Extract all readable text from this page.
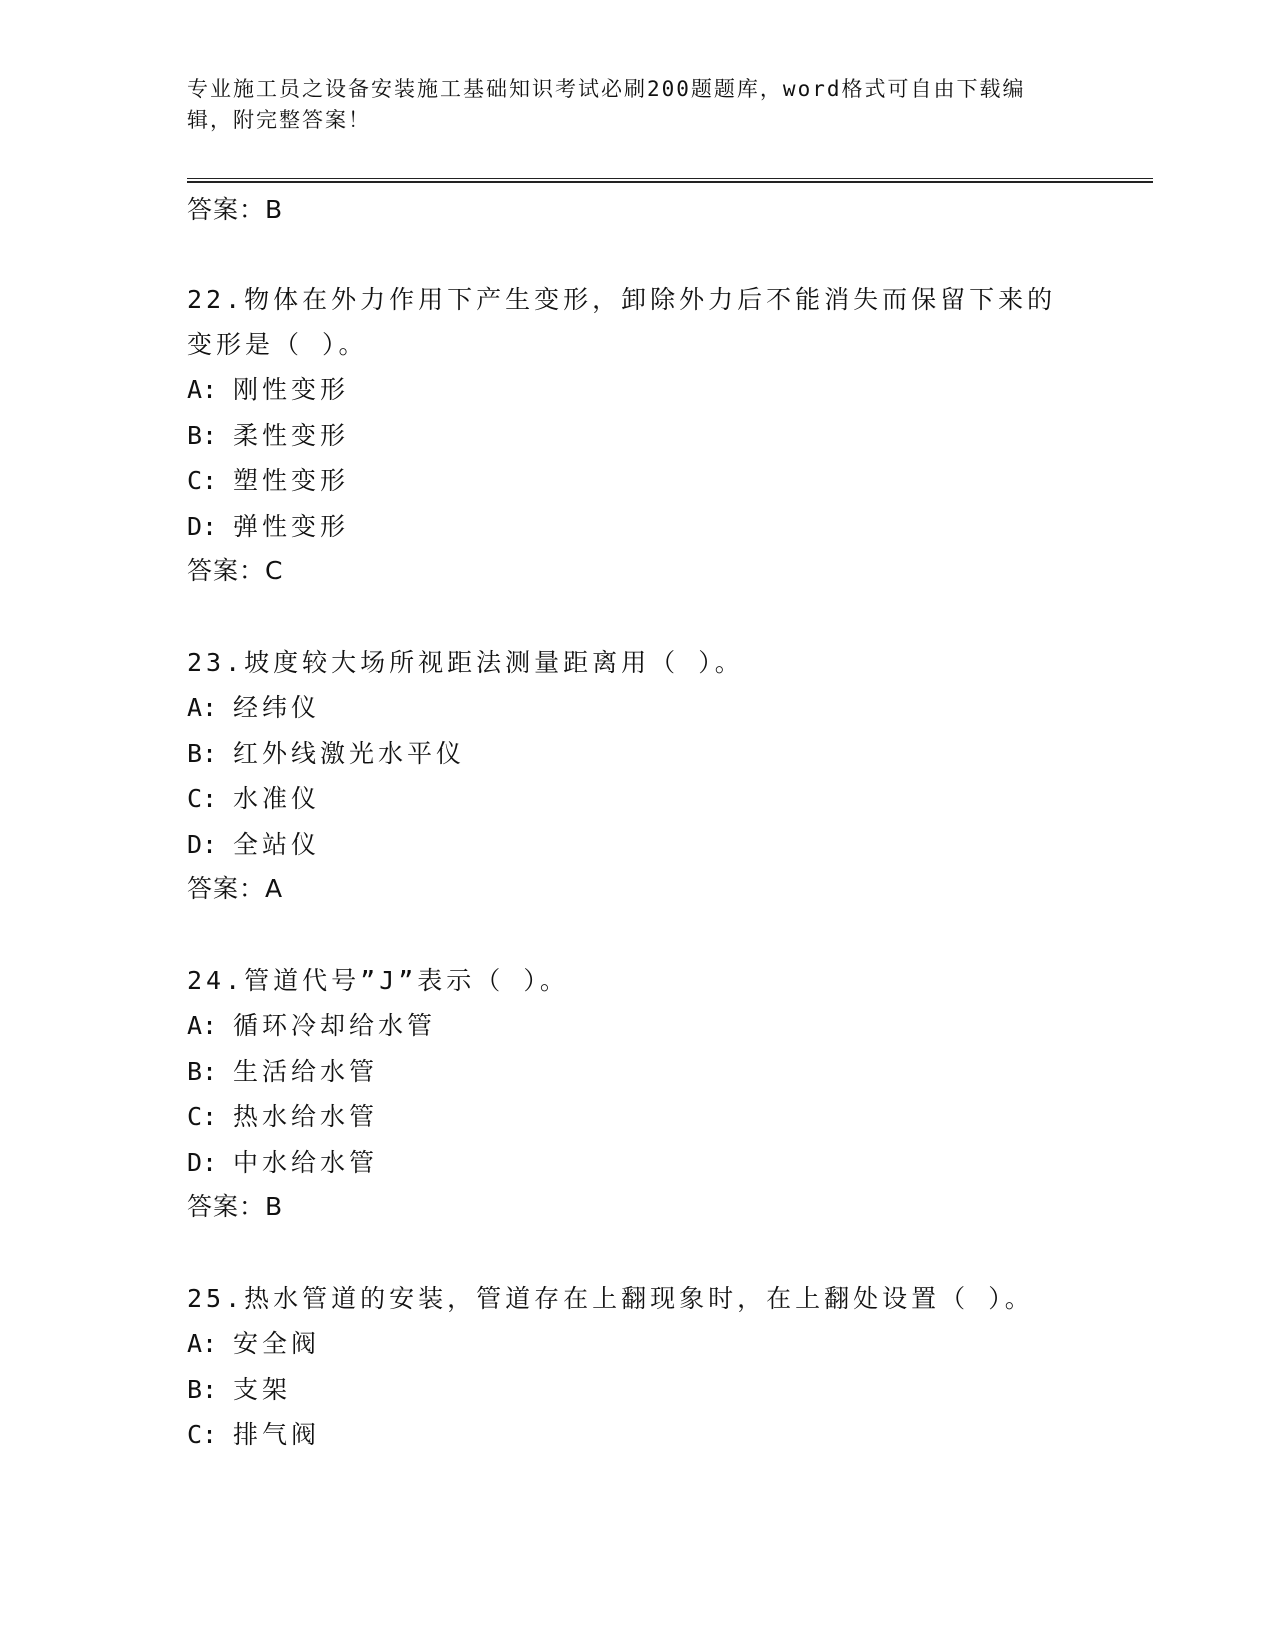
专业施工员之设备安装施工基础知识考试必刷200题题库，word格式可自由下载编辑，附完整答案！
答案：B
22.物体在外力作用下产生变形，卸除外力后不能消失而保留下来的变形是（ ）。
A: 刚性变形
B: 柔性变形
C: 塑性变形
D: 弹性变形
答案：C
23.坡度较大场所视距法测量距离用（ ）。
A: 经纬仪
B: 红外线激光水平仪
C: 水准仪
D: 全站仪
答案：A
24.管道代号”J”表示（ ）。
A: 循环冷却给水管
B: 生活给水管
C: 热水给水管
D: 中水给水管
答案：B
25.热水管道的安装，管道存在上翻现象时，在上翻处设置（ ）。
A: 安全阀
B: 支架
C: 排气阀
